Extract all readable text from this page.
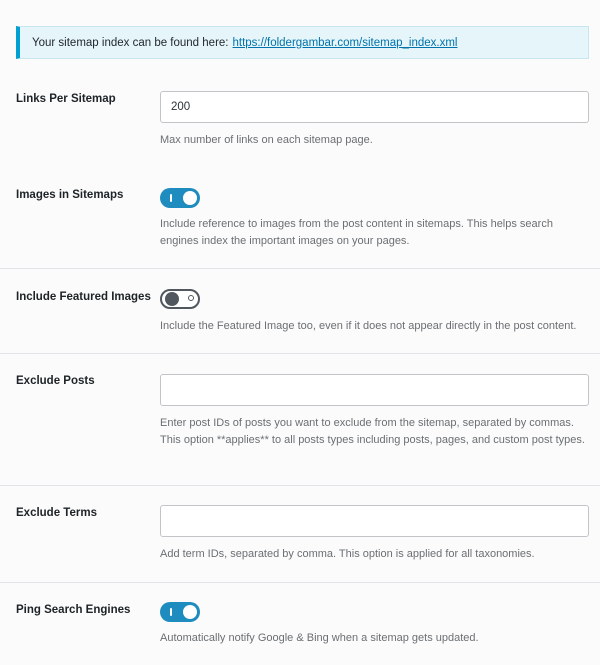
Your sitemap index can be found here: https://foldergambar.com/sitemap_index.xml
Links Per Sitemap
200
Max number of links on each sitemap page.
Images in Sitemaps
Include reference to images from the post content in sitemaps. This helps search engines index the important images on your pages.
Include Featured Images
Include the Featured Image too, even if it does not appear directly in the post content.
Exclude Posts
Enter post IDs of posts you want to exclude from the sitemap, separated by commas. This option **applies** to all posts types including posts, pages, and custom post types.
Exclude Terms
Add term IDs, separated by comma. This option is applied for all taxonomies.
Ping Search Engines
Automatically notify Google & Bing when a sitemap gets updated.
